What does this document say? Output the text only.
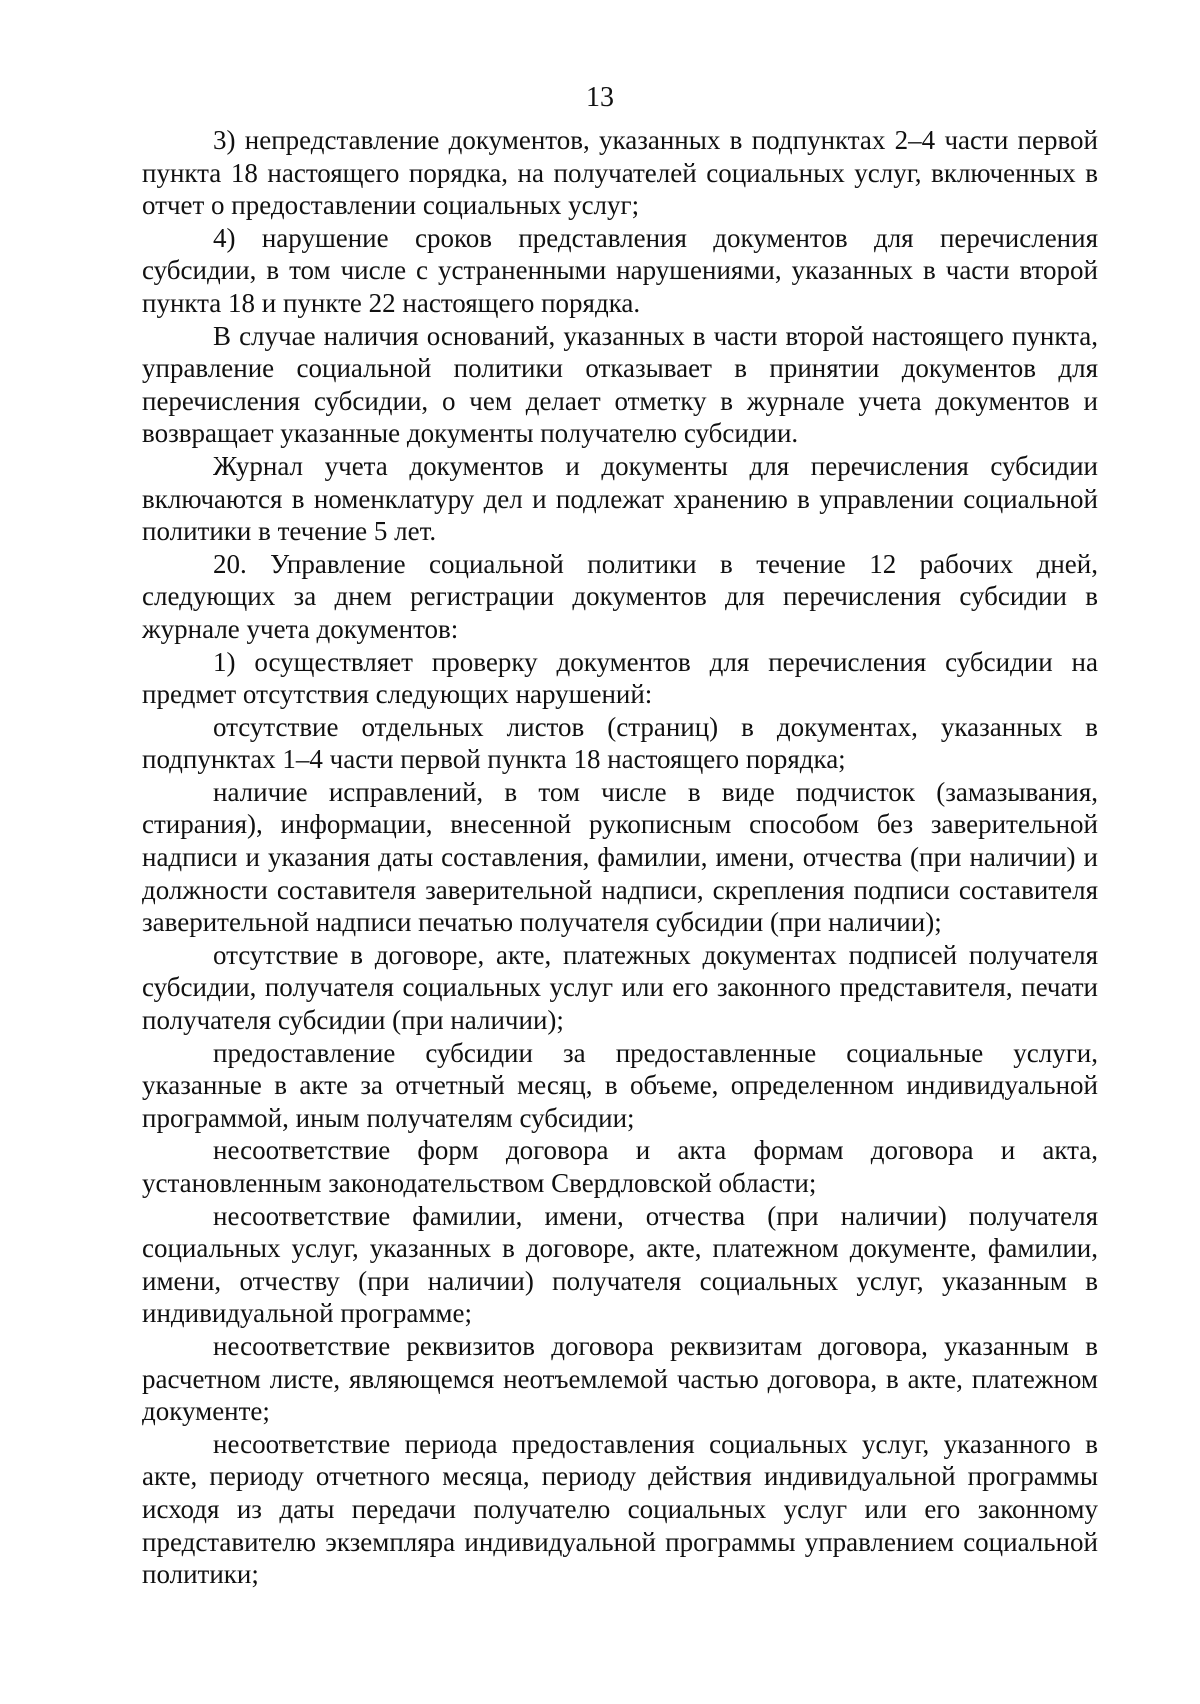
13

3) непредставление документов, указанных в подпунктах 2–4 части первой пункта 18 настоящего порядка, на получателей социальных услуг, включенных в отчет о предоставлении социальных услуг;

4) нарушение сроков представления документов для перечисления субсидии, в том числе с устраненными нарушениями, указанных в части второй пункта 18 и пункте 22 настоящего порядка.

В случае наличия оснований, указанных в части второй настоящего пункта, управление социальной политики отказывает в принятии документов для перечисления субсидии, о чем делает отметку в журнале учета документов и возвращает указанные документы получателю субсидии.

Журнал учета документов и документы для перечисления субсидии включаются в номенклатуру дел и подлежат хранению в управлении социальной политики в течение 5 лет.

20. Управление социальной политики в течение 12 рабочих дней, следующих за днем регистрации документов для перечисления субсидии в журнале учета документов:

1) осуществляет проверку документов для перечисления субсидии на предмет отсутствия следующих нарушений:

отсутствие отдельных листов (страниц) в документах, указанных в подпунктах 1–4 части первой пункта 18 настоящего порядка;

наличие исправлений, в том числе в виде подчисток (замазывания, стирания), информации, внесенной рукописным способом без заверительной надписи и указания даты составления, фамилии, имени, отчества (при наличии) и должности составителя заверительной надписи, скрепления подписи составителя заверительной надписи печатью получателя субсидии (при наличии);

отсутствие в договоре, акте, платежных документах подписей получателя субсидии, получателя социальных услуг или его законного представителя, печати получателя субсидии (при наличии);

предоставление субсидии за предоставленные социальные услуги, указанные в акте за отчетный месяц, в объеме, определенном индивидуальной программой, иным получателям субсидии;

несоответствие форм договора и акта формам договора и акта, установленным законодательством Свердловской области;

несоответствие фамилии, имени, отчества (при наличии) получателя социальных услуг, указанных в договоре, акте, платежном документе, фамилии, имени, отчеству (при наличии) получателя социальных услуг, указанным в индивидуальной программе;

несоответствие реквизитов договора реквизитам договора, указанным в расчетном листе, являющемся неотъемлемой частью договора, в акте, платежном документе;

несоответствие периода предоставления социальных услуг, указанного в акте, периоду отчетного месяца, периоду действия индивидуальной программы исходя из даты передачи получателю социальных услуг или его законному представителю экземпляра индивидуальной программы управлением социальной политики;
